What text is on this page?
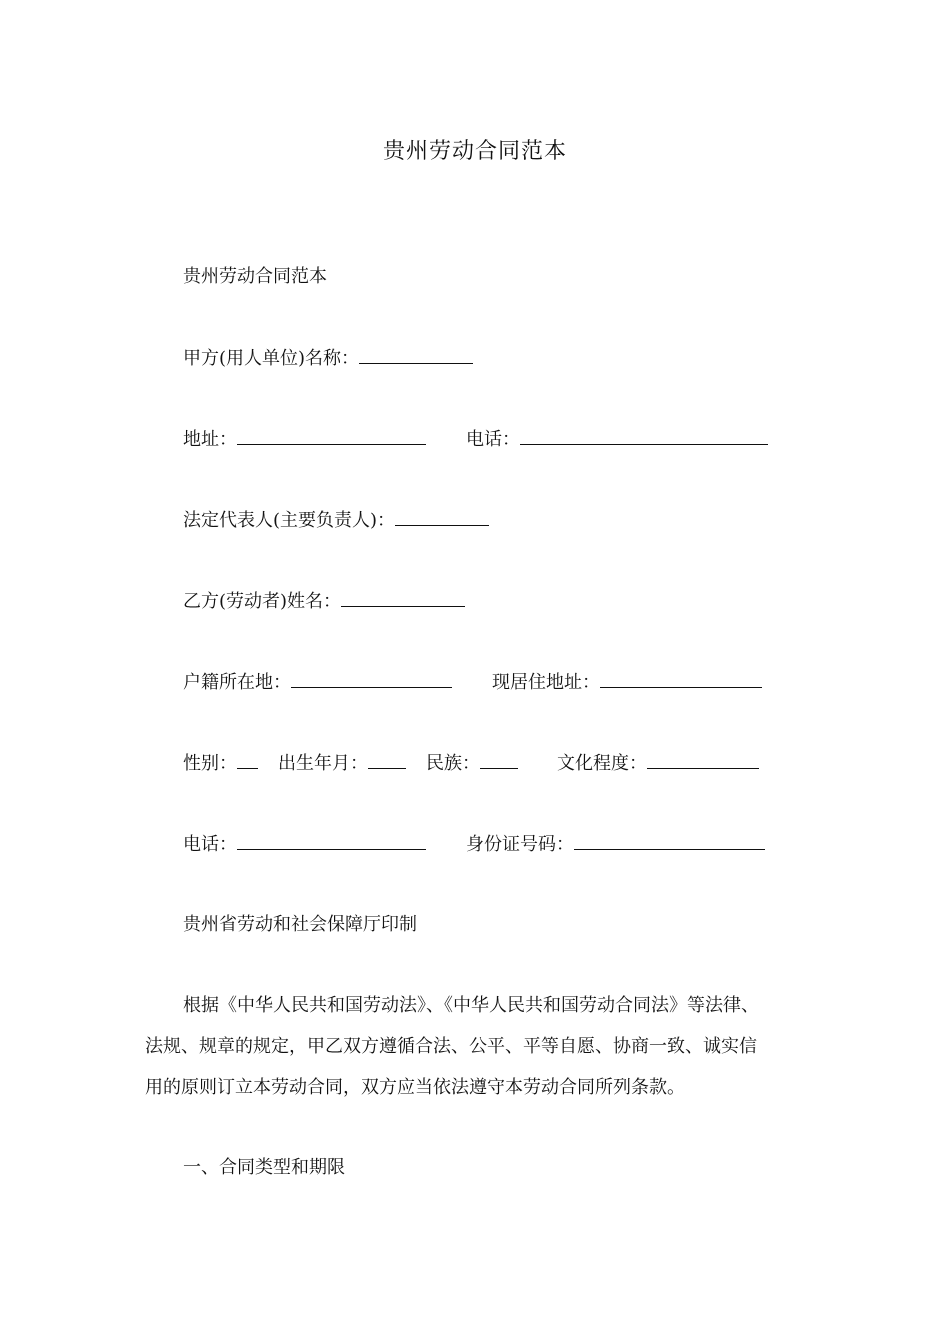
贵州劳动合同范本
贵州劳动合同范本
甲方(用人单位)名称：
地址：	电话：
法定代表人(主要负责人)：
乙方(劳动者)姓名：
户籍所在地：	现居住地址：
性别： 出生年月：	民族：	文化程度：
电话：	身份证号码：
贵州省劳动和社会保障厅印制
根据《中华人民共和国劳动法》、《中华人民共和国劳动合同法》等法律、
法规、规章的规定，甲乙双方遵循合法、公平、平等自愿、协商一致、诚实信
用的原则订立本劳动合同，双方应当依法遵守本劳动合同所列条款。
一、合同类型和期限
